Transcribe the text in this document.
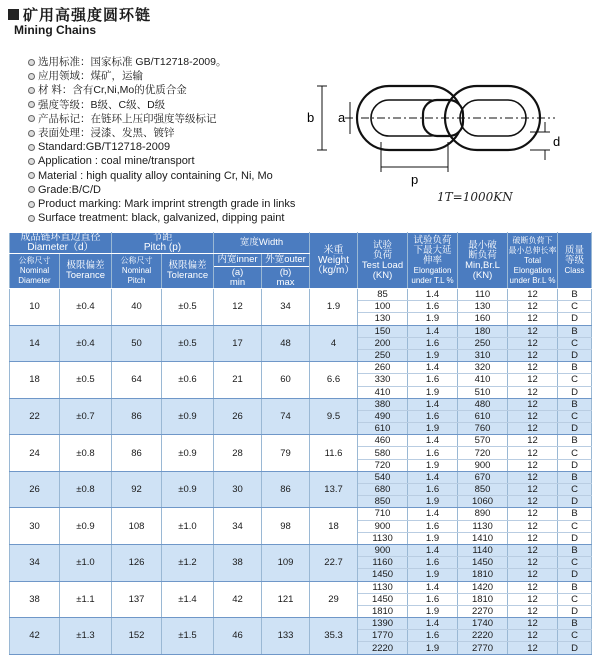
矿用高强度圆环链
Mining Chains
选用标准：国家标准 GB/T12718-2009。
应用领域：煤矿，运输
材 料：含有Cr,Ni,Mo的优质合金
强度等级：B级、C级、D级
产品标记：在链环上压印强度等级标记
表面处理：浸漆、发黑、镀锌
Standard:GB/T12718-2009
Application : coal mine/transport
Material : high quality alloy containing Cr, Ni, Mo
Grade:B/C/D
Product marking: Mark imprint strength grade in links
Surface treatment: black, galvanized, dipping paint
b a
d
p
1T=1000KN
成品链环直边直径
Diameter（d）		节距
Pitch (p)		宽度Width		米重
Weight
（kg/m）	试验
负荷
Test Load
(KN)	试验负荷
下最大延
伸率
Elongation
under T.L %	最小破
断负荷
Min,Br.L
(KN)	破断负荷下
最小总伸长率
Total
Elongation
under Br.L %	质量
等级
Class
公称尺寸
Nominal
Diameter	极限偏差
Toerance	公称尺寸
Nominal
Pitch	极限偏差
Tolerance	内宽inner	外宽outer						
				(a)
min	(b)
max						
10	±0.4	40	±0.5	12	34	1.9	85	1.4	110	12	B
							100	1.6	130	12	C
							130	1.9	160	12	D
14	±0.4	50	±0.5	17	48	4	150	1.4	180	12	B
							200	1.6	250	12	C
							250	1.9	310	12	D
18	±0.5	64	±0.6	21	60	6.6	260	1.4	320	12	B
							330	1.6	410	12	C
							410	1.9	510	12	D
22	±0.7	86	±0.9	26	74	9.5	380	1.4	480	12	B
							490	1.6	610	12	C
							610	1.9	760	12	D
24	±0.8	86	±0.9	28	79	11.6	460	1.4	570	12	B
							580	1.6	720	12	C
							720	1.9	900	12	D
26	±0.8	92	±0.9	30	86	13.7	540	1.4	670	12	B
							680	1.6	850	12	C
							850	1.9	1060	12	D
30	±0.9	108	±1.0	34	98	18	710	1.4	890	12	B
							900	1.6	1130	12	C
							1130	1.9	1410	12	D
34	±1.0	126	±1.2	38	109	22.7	900	1.4	1140	12	B
							1160	1.6	1450	12	C
							1450	1.9	1810	12	D
38	±1.1	137	±1.4	42	121	29	1130	1.4	1420	12	B
							1450	1.6	1810	12	C
							1810	1.9	2270	12	D
42	±1.3	152	±1.5	46	133	35.3	1390	1.4	1740	12	B
							1770	1.6	2220	12	C
							2220	1.9	2770	12	D
